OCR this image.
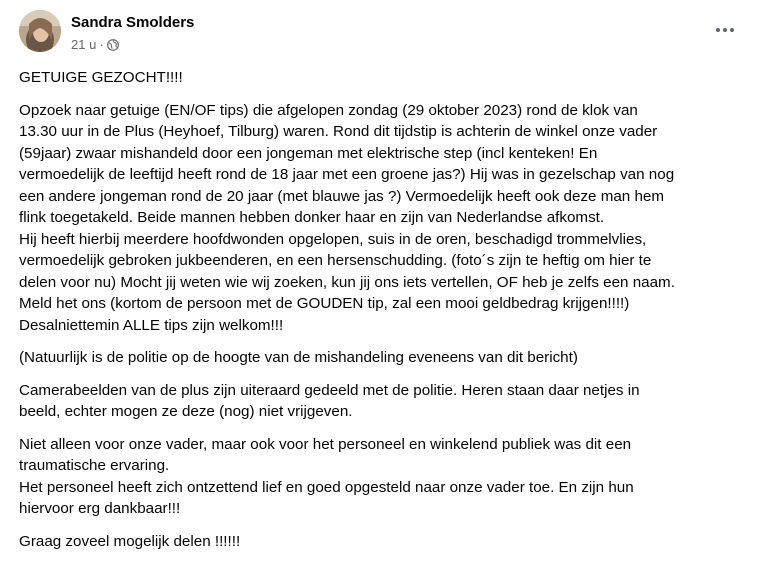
Sandra Smolders
21 u ·

GETUIGE GEZOCHT!!!!

Opzoek naar getuige (EN/OF tips) die afgelopen zondag (29 oktober 2023) rond de klok van
13.30 uur in de Plus (Heyhoef, Tilburg) waren. Rond dit tijdstip is achterin de winkel onze vader
(59jaar) zwaar mishandeld door een jongeman met elektrische step (incl kenteken! En
vermoedelijk de leeftijd heeft rond de 18 jaar met een groene jas?) Hij was in gezelschap van nog
een andere jongeman rond de 20 jaar (met blauwe jas ?) Vermoedelijk heeft ook deze man hem
flink toegetakeld. Beide mannen hebben donker haar en zijn van Nederlandse afkomst.
Hij heeft hierbij meerdere hoofdwonden opgelopen, suis in de oren, beschadigd trommelvlies,
vermoedelijk gebroken jukbeenderen, en een hersenschudding. (foto´s zijn te heftig om hier te
delen voor nu) Mocht jij weten wie wij zoeken, kun jij ons iets vertellen, OF heb je zelfs een naam.
Meld het ons (kortom de persoon met de GOUDEN tip, zal een mooi geldbedrag krijgen!!!!)
Desalniettemin ALLE tips zijn welkom!!!

(Natuurlijk is de politie op de hoogte van de mishandeling eveneens van dit bericht)

Camerabeelden van de plus zijn uiteraard gedeeld met de politie. Heren staan daar netjes in
beeld, echter mogen ze deze (nog) niet vrijgeven.

Niet alleen voor onze vader, maar ook voor het personeel en winkelend publiek was dit een
traumatische ervaring.
Het personeel heeft zich ontzettend lief en goed opgesteld naar onze vader toe. En zijn hun
hiervoor erg dankbaar!!!

Graag zoveel mogelijk delen !!!!!!
